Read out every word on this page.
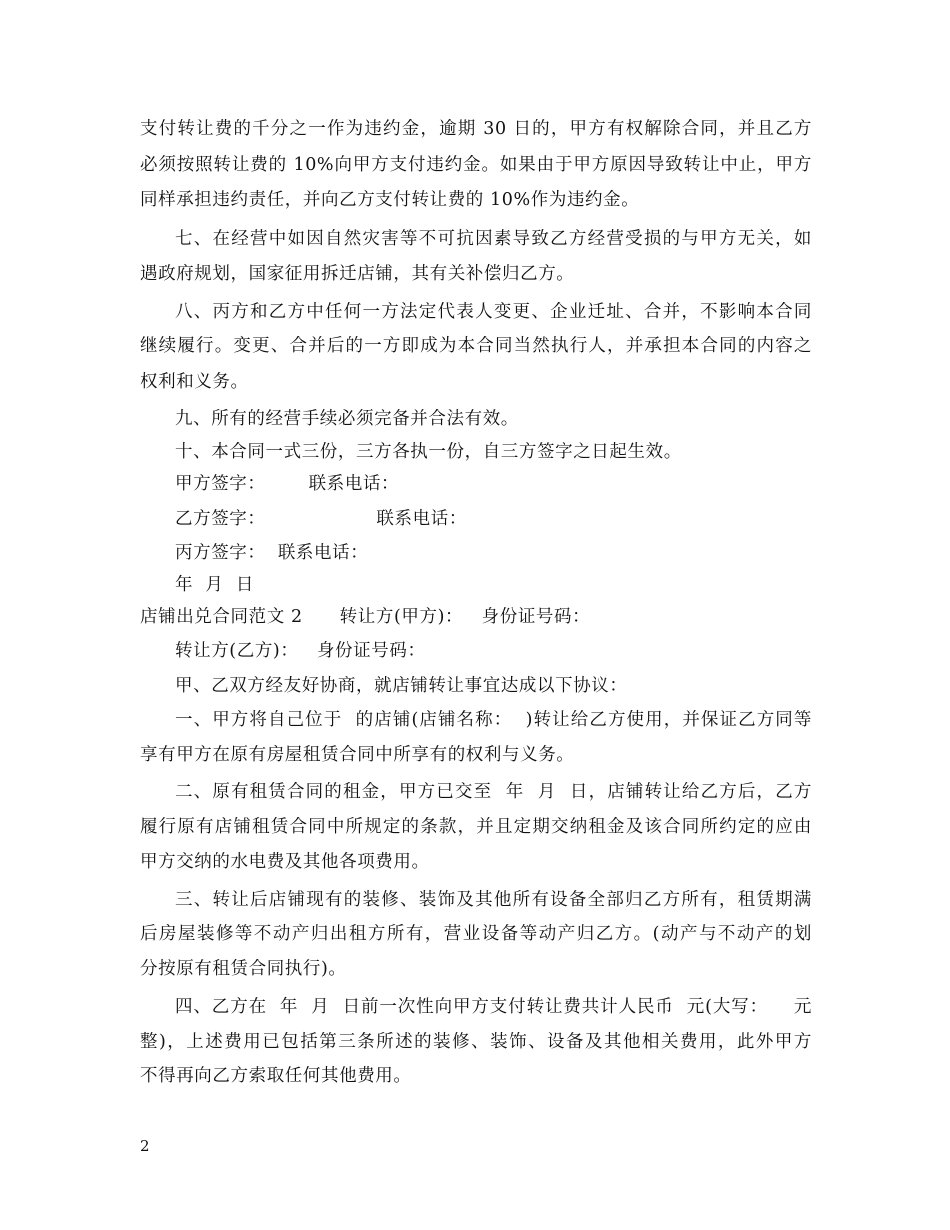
支付转让费的千分之一作为违约金，逾期 30 日的，甲方有权解除合同，并且乙方
必须按照转让费的 10%向甲方支付违约金。如果由于甲方原因导致转让中止，甲方
同样承担违约责任，并向乙方支付转让费的 10%作为违约金。
七、在经营中如因自然灾害等不可抗因素导致乙方经营受损的与甲方无关，如
遇政府规划，国家征用拆迁店铺，其有关补偿归乙方。
八、丙方和乙方中任何一方法定代表人变更、企业迁址、合并，不影响本合同
继续履行。变更、合并后的一方即成为本合同当然执行人，并承担本合同的内容之
权利和义务。
九、所有的经营手续必须完备并合法有效。
十、本合同一式三份，三方各执一份，自三方签字之日起生效。
甲方签字：       联系电话：
乙方签字：                  联系电话：
丙方签字：  联系电话：
年  月  日
店铺出兑合同范文 2      转让方(甲方)：   身份证号码：
转让方(乙方)：   身份证号码：
甲、乙双方经友好协商，就店铺转让事宜达成以下协议：
一、甲方将自己位于  的店铺(店铺名称：  )转让给乙方使用，并保证乙方同等
享有甲方在原有房屋租赁合同中所享有的权利与义务。
二、原有租赁合同的租金，甲方已交至  年  月  日，店铺转让给乙方后，乙方
履行原有店铺租赁合同中所规定的条款，并且定期交纳租金及该合同所约定的应由
甲方交纳的水电费及其他各项费用。
三、转让后店铺现有的装修、装饰及其他所有设备全部归乙方所有，租赁期满
后房屋装修等不动产归出租方所有，营业设备等动产归乙方。(动产与不动产的划
分按原有租赁合同执行)。
四、乙方在  年  月  日前一次性向甲方支付转让费共计人民币  元(大写：    元
整)，上述费用已包括第三条所述的装修、装饰、设备及其他相关费用，此外甲方
不得再向乙方索取任何其他费用。
2
